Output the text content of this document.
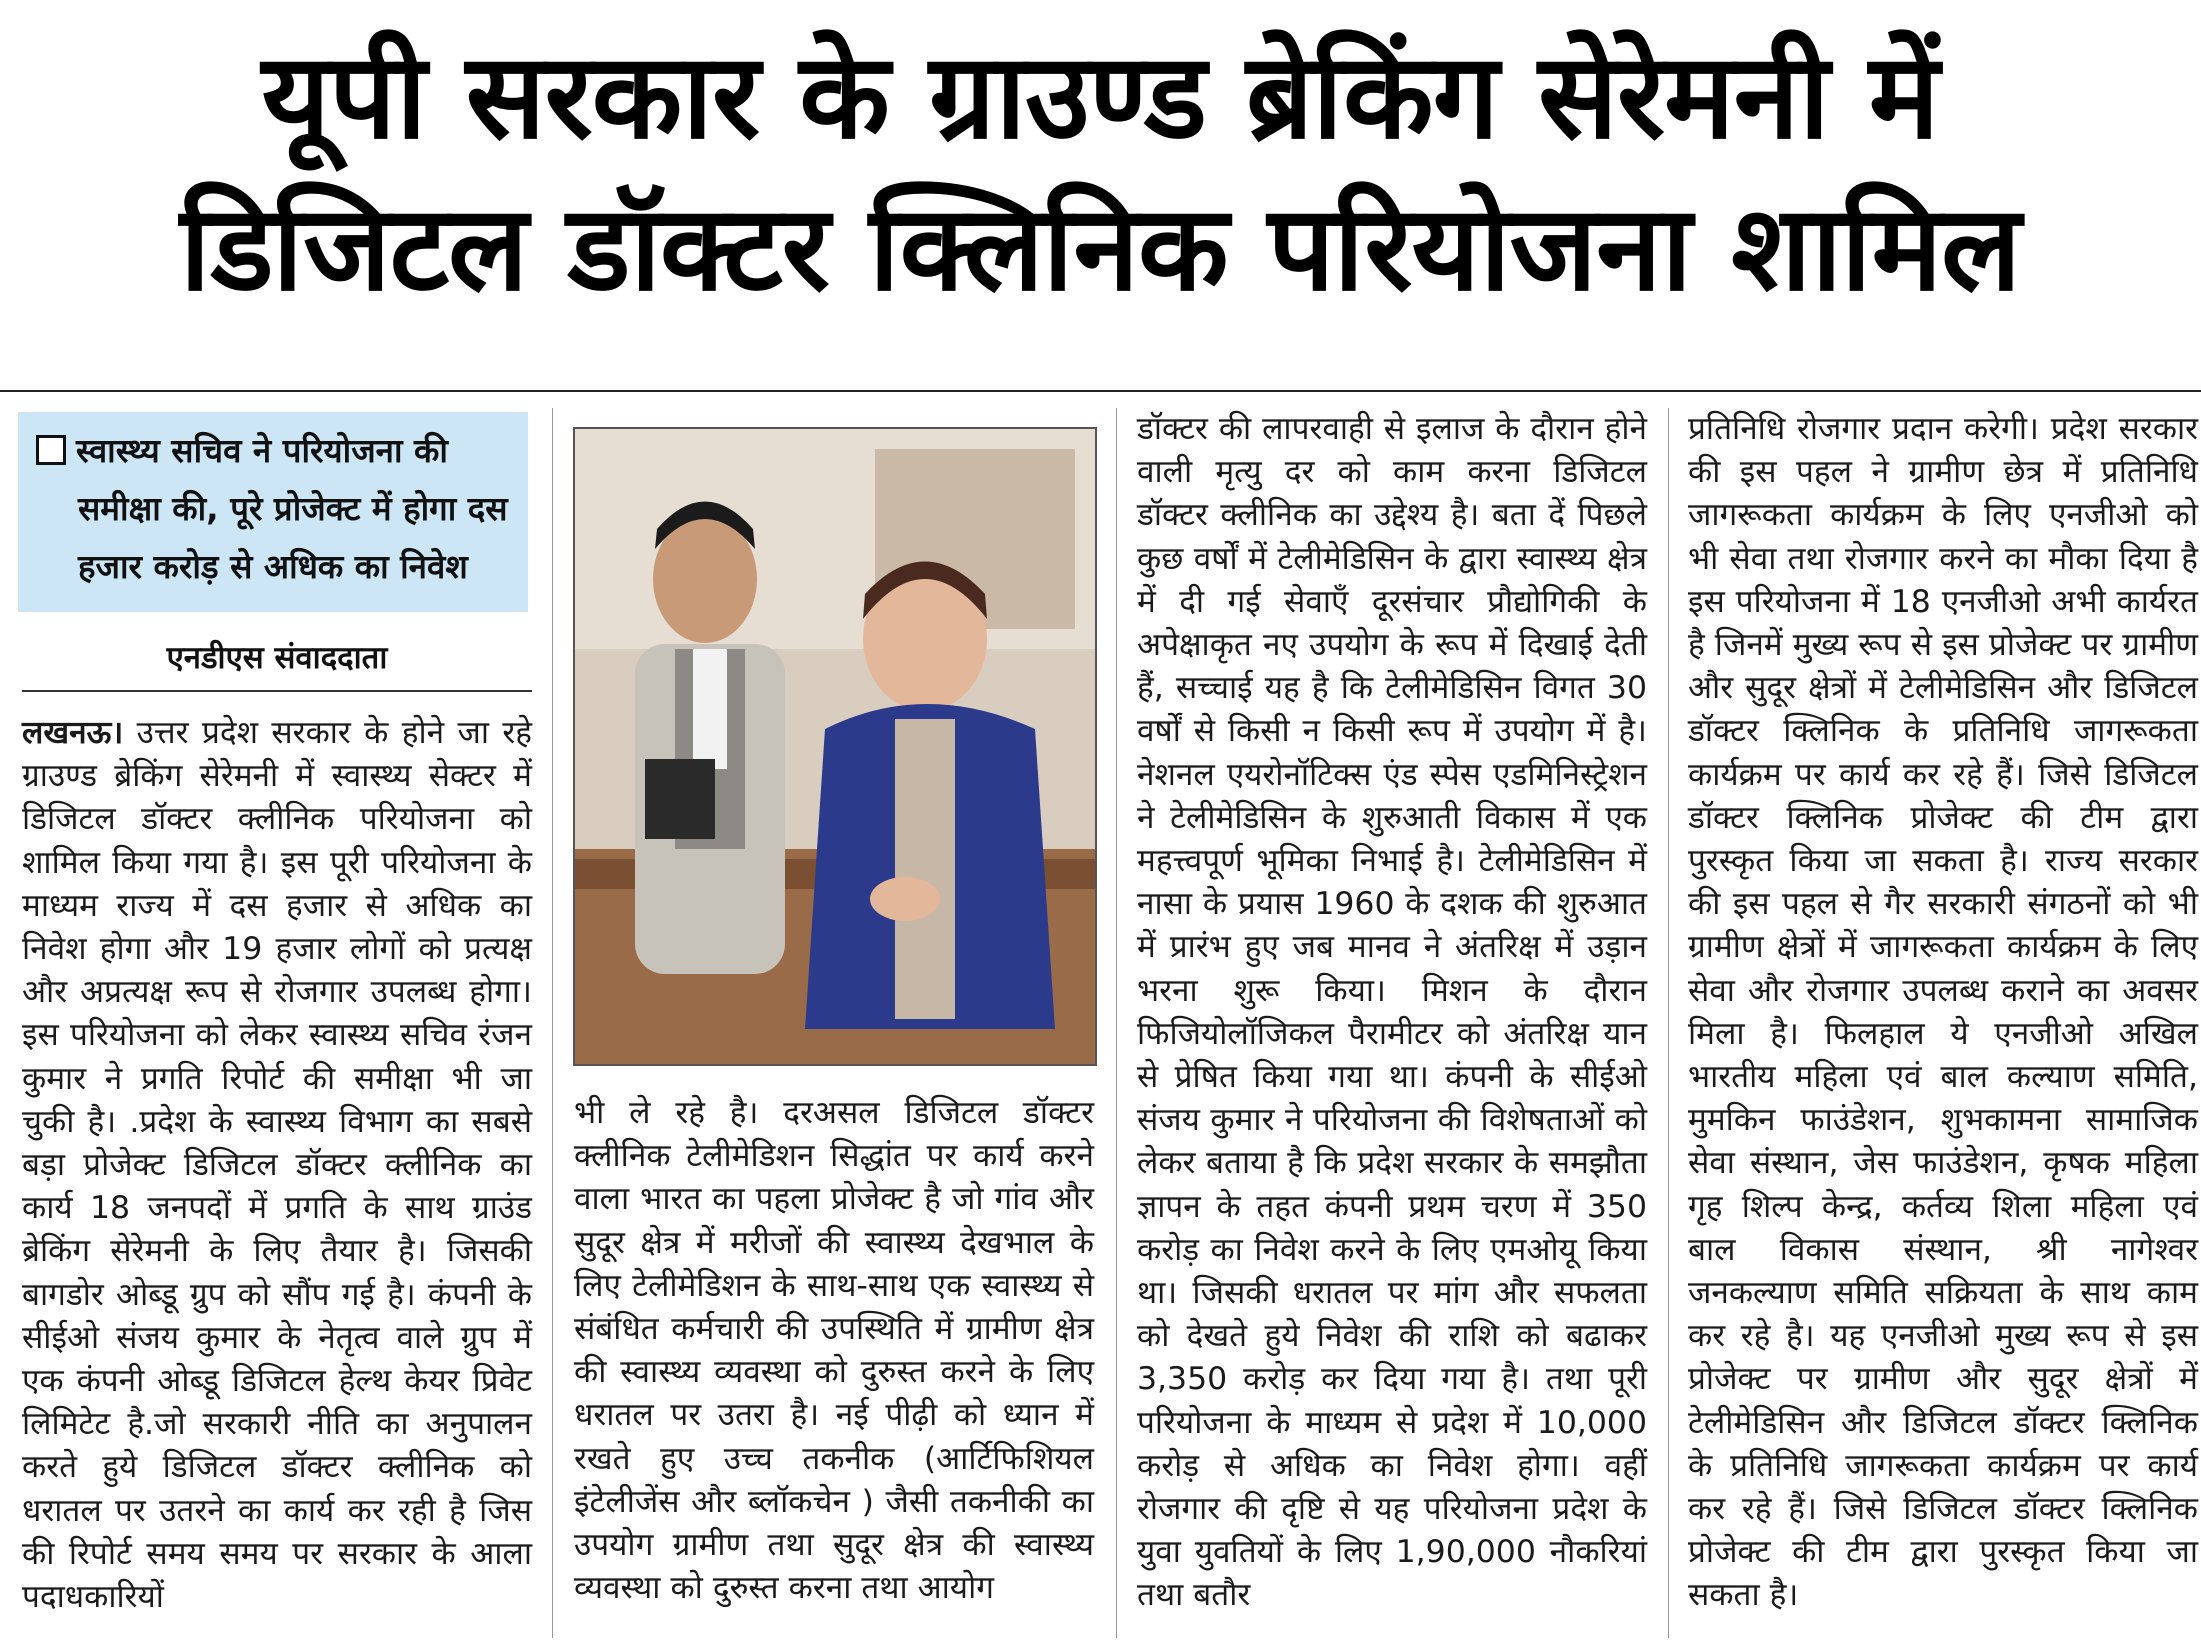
यूपी सरकार के ग्राउण्ड ब्रेकिंग सेरेमनी में
डिजिटल डॉक्टर क्लिनिक परियोजना शामिल
स्वास्थ्य सचिव ने परियोजना की
समीक्षा की, पूरे प्रोजेक्ट में होगा दस
हजार करोड़ से अधिक का निवेश
एनडीएस संवाददाता

लखनऊ। उत्तर प्रदेश सरकार के होने जा रहे ग्राउण्ड ब्रेकिंग सेरेमनी में स्वास्थ्य सेक्टर में डिजिटल डॉक्टर क्लीनिक परियोजना को शामिल किया गया है। इस पूरी परियोजना के माध्यम राज्य में दस हजार से अधिक का निवेश होगा और 19 हजार लोगों को प्रत्यक्ष और अप्रत्यक्ष रूप से रोजगार उपलब्ध होगा। इस परियोजना को लेकर स्वास्थ्य सचिव रंजन कुमार ने प्रगति रिपोर्ट की समीक्षा भी जा चुकी है। .प्रदेश के स्वास्थ्य विभाग का सबसे बड़ा प्रोजेक्ट डिजिटल डॉक्टर क्लीनिक का कार्य 18 जनपदों में प्रगति के साथ ग्राउंड ब्रेकिंग सेरेमनी के लिए तैयार है। जिसकी बागडोर ओब्डू ग्रुप को सौंप गई है। कंपनी के सीईओ संजय कुमार के नेतृत्व वाले ग्रुप में एक कंपनी ओब्डू डिजिटल हेल्थ केयर प्रिवेट लिमिटेट है.जो सरकारी नीति का अनुपालन करते हुये डिजिटल डॉक्टर क्लीनिक को धरातल पर उतरने का कार्य कर रही है जिस की रिपोर्ट समय समय पर सरकार के आला पदाधकारियों

भी ले रहे है। दरअसल डिजिटल डॉक्टर क्लीनिक टेलीमेडिशन सिद्धांत पर कार्य करने वाला भारत का पहला प्रोजेक्ट है जो गांव और सुदूर क्षेत्र में मरीजों की स्वास्थ्य देखभाल के लिए टेलीमेडिशन के साथ-साथ एक स्वास्थ्य से संबंधित कर्मचारी की उपस्थिति में ग्रामीण क्षेत्र की स्वास्थ्य व्यवस्था को दुरुस्त करने के लिए धरातल पर उतरा है। नई पीढ़ी को ध्यान में रखते हुए उच्च तकनीक (आर्टिफिशियल इंटेलीजेंस और ब्लॉकचेन ) जैसी तकनीकी का उपयोग ग्रामीण तथा सुदूर क्षेत्र की स्वास्थ्य व्यवस्था को दुरुस्त करना तथा आयोग

डॉक्टर की लापरवाही से इलाज के दौरान होने वाली मृत्यु दर को काम करना डिजिटल डॉक्टर क्लीनिक का उद्देश्य है। बता दें पिछले कुछ वर्षों में टेलीमेडिसिन के द्वारा स्वास्थ्य क्षेत्र में दी गई सेवाएँ दूरसंचार प्रौद्योगिकी के अपेक्षाकृत नए उपयोग के रूप में दिखाई देती हैं, सच्चाई यह है कि टेलीमेडिसिन विगत 30 वर्षों से किसी न किसी रूप में उपयोग में है। नेशनल एयरोनॉटिक्स एंड स्पेस एडमिनिस्ट्रेशन ने टेलीमेडिसिन के शुरुआती विकास में एक महत्त्वपूर्ण भूमिका निभाई है। टेलीमेडिसिन में नासा के प्रयास 1960 के दशक की शुरुआत में प्रारंभ हुए जब मानव ने अंतरिक्ष में उड़ान भरना शुरू किया। मिशन के दौरान फिजियोलॉजिकल पैरामीटर को अंतरिक्ष यान से प्रेषित किया गया था। कंपनी के सीईओ संजय कुमार ने परियोजना की विशेषताओं को लेकर बताया है कि प्रदेश सरकार के समझौता ज्ञापन के तहत कंपनी प्रथम चरण में 350 करोड़ का निवेश करने के लिए एमओयू किया था। जिसकी धरातल पर मांग और सफलता को देखते हुये निवेश की राशि को बढाकर 3,350 करोड़ कर दिया गया है। तथा पूरी परियोजना के माध्यम से प्रदेश में 10,000 करोड़ से अधिक का निवेश होगा। वहीं रोजगार की दृष्टि से यह परियोजना प्रदेश के युवा युवतियों के लिए 1,90,000 नौकरियां तथा बतौर

प्रतिनिधि रोजगार प्रदान करेगी। प्रदेश सरकार की इस पहल ने ग्रामीण छेत्र में प्रतिनिधि जागरूकता कार्यक्रम के लिए एनजीओ को भी सेवा तथा रोजगार करने का मौका दिया है इस परियोजना में 18 एनजीओ अभी कार्यरत है जिनमें मुख्य रूप से इस प्रोजेक्ट पर ग्रामीण और सुदूर क्षेत्रों में टेलीमेडिसिन और डिजिटल डॉक्टर क्लिनिक के प्रतिनिधि जागरूकता कार्यक्रम पर कार्य कर रहे हैं। जिसे डिजिटल डॉक्टर क्लिनिक प्रोजेक्ट की टीम द्वारा पुरस्कृत किया जा सकता है। राज्य सरकार की इस पहल से गैर सरकारी संगठनों को भी ग्रामीण क्षेत्रों में जागरूकता कार्यक्रम के लिए सेवा और रोजगार उपलब्ध कराने का अवसर मिला है। फिलहाल ये एनजीओ अखिल भारतीय महिला एवं बाल कल्याण समिति, मुमकिन फाउंडेशन, शुभकामना सामाजिक सेवा संस्थान, जेस फाउंडेशन, कृषक महिला गृह शिल्प केन्द्र, कर्तव्य शिला महिला एवं बाल विकास संस्थान, श्री नागेश्वर जनकल्याण समिति सक्रियता के साथ काम कर रहे है। यह एनजीओ मुख्य रूप से इस प्रोजेक्ट पर ग्रामीण और सुदूर क्षेत्रों में टेलीमेडिसिन और डिजिटल डॉक्टर क्लिनिक के प्रतिनिधि जागरूकता कार्यक्रम पर कार्य कर रहे हैं। जिसे डिजिटल डॉक्टर क्लिनिक प्रोजेक्ट की टीम द्वारा पुरस्कृत किया जा सकता है।
